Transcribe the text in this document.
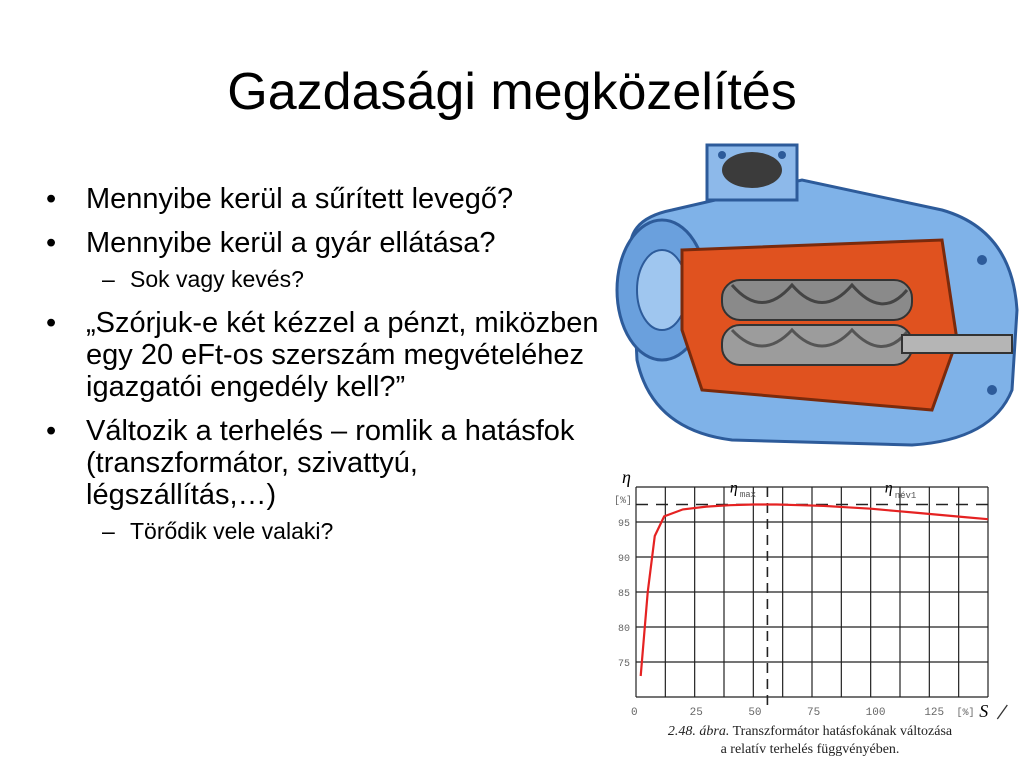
Gazdasági megközelítés
• Mennyibe kerül a sűrített levegő?
• Mennyibe kerül a gyár ellátása?
– Sok vagy kevés?
• „Szórjuk-e két kézzel a pénzt, miközben egy 20 eFt-os szerszám megvételéhez igazgatói engedély kell?”
• Változik a terhelés – romlik a hatásfok (transzformátor, szivattyú, légszállítás,…)
– Törődik vele valaki?
η
[%]
75
80
85
90
95
0	25	50	75	100	125 [%] S
η max	η név1
2.48. ábra. Transzformátor hatásfokának változása
a relatív terhelés függvényében.
